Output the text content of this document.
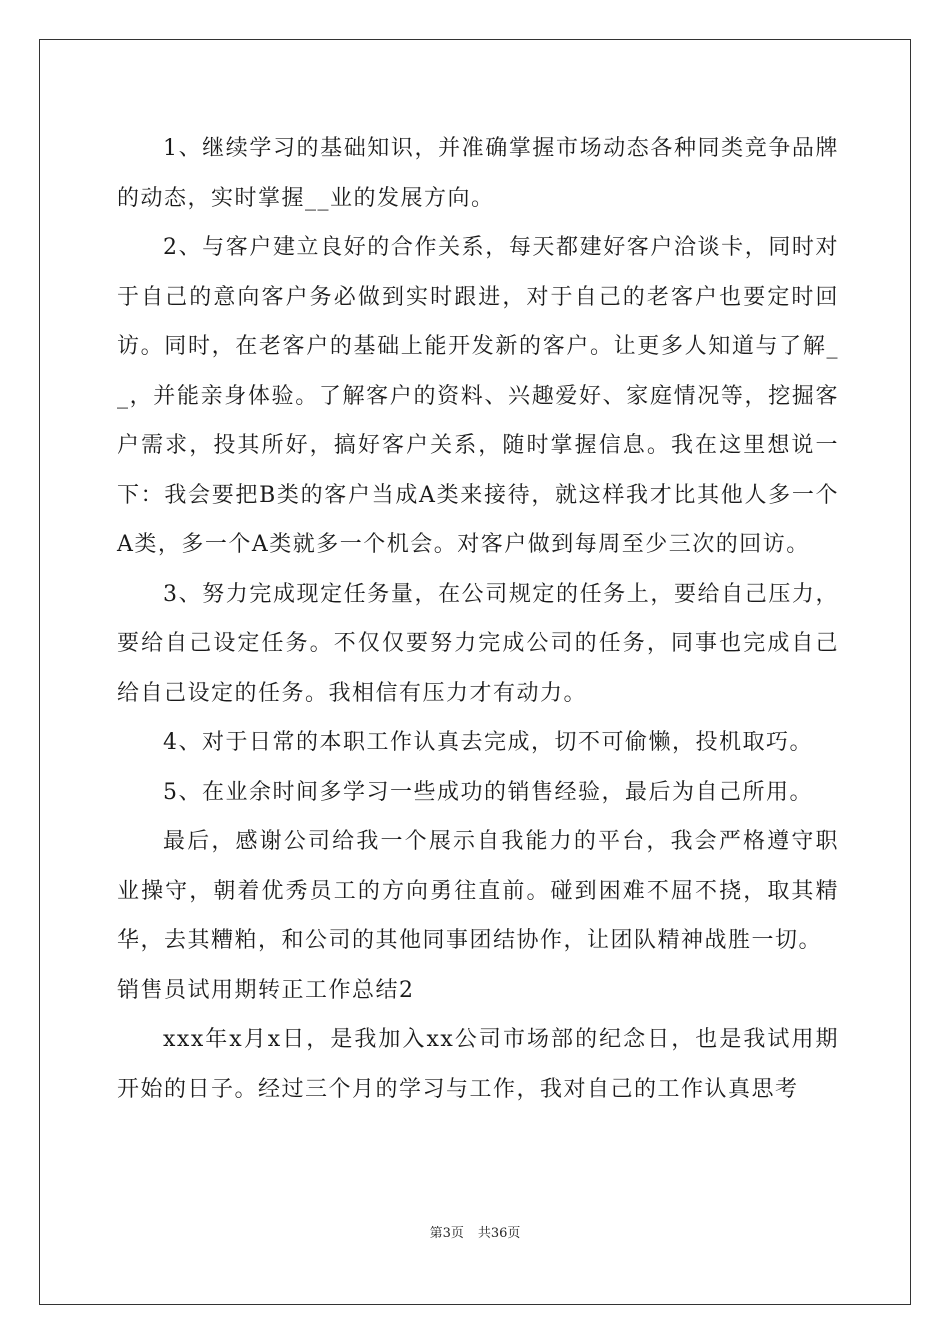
1、继续学习的基础知识，并准确掌握市场动态各种同类竞争品牌的动态，实时掌握__业的发展方向。

2、与客户建立良好的合作关系，每天都建好客户洽谈卡，同时对于自己的意向客户务必做到实时跟进，对于自己的老客户也要定时回访。同时，在老客户的基础上能开发新的客户。让更多人知道与了解__，并能亲身体验。了解客户的资料、兴趣爱好、家庭情况等，挖掘客户需求，投其所好，搞好客户关系，随时掌握信息。我在这里想说一下：我会要把B类的客户当成A类来接待，就这样我才比其他人多一个A类，多一个A类就多一个机会。对客户做到每周至少三次的回访。

3、努力完成现定任务量，在公司规定的任务上，要给自己压力，要给自己设定任务。不仅仅要努力完成公司的任务，同事也完成自己给自己设定的任务。我相信有压力才有动力。

4、对于日常的本职工作认真去完成，切不可偷懒，投机取巧。

5、在业余时间多学习一些成功的销售经验，最后为自己所用。

最后，感谢公司给我一个展示自我能力的平台，我会严格遵守职业操守，朝着优秀员工的方向勇往直前。碰到困难不屈不挠，取其精华，去其糟粕，和公司的其他同事团结协作，让团队精神战胜一切。

销售员试用期转正工作总结2

xxx年x月x日，是我加入xx公司市场部的纪念日，也是我试用期开始的日子。经过三个月的学习与工作，我对自己的工作认真思考

第3页 共36页
